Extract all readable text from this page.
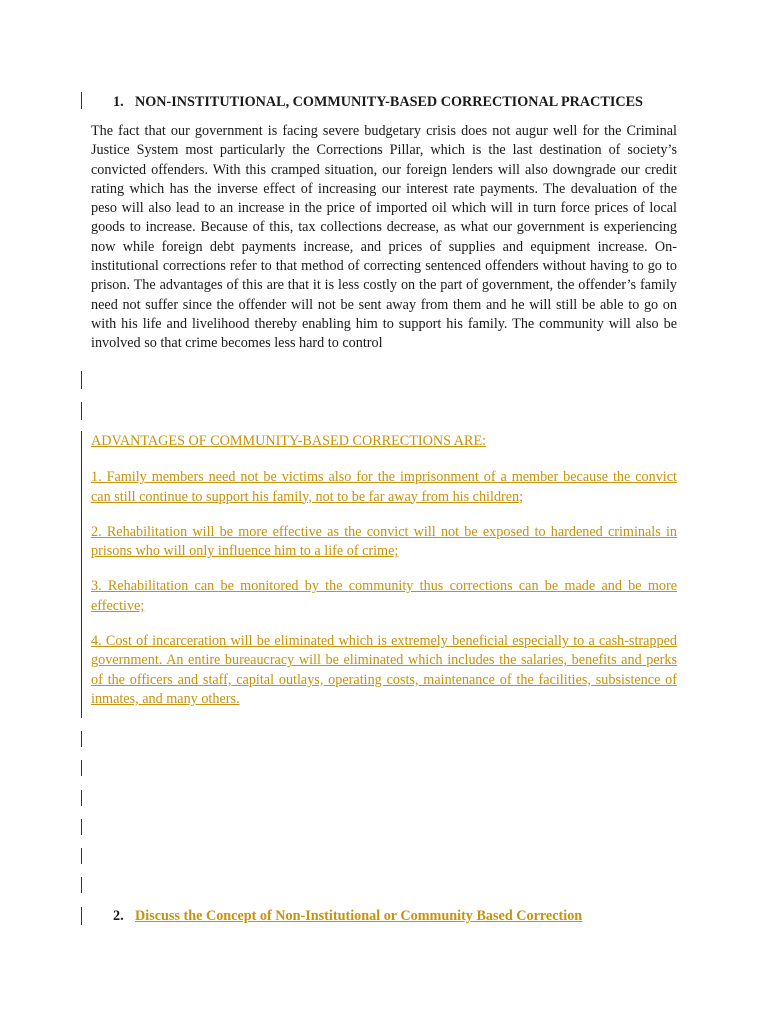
1. NON-INSTITUTIONAL, COMMUNITY-BASED CORRECTIONAL PRACTICES
The fact that our government is facing severe budgetary crisis does not augur well for the Criminal Justice System most particularly the Corrections Pillar, which is the last destination of society’s convicted offenders. With this cramped situation, our foreign lenders will also downgrade our credit rating which has the inverse effect of increasing our interest rate payments. The devaluation of the peso will also lead to an increase in the price of imported oil which will in turn force prices of local goods to increase. Because of this, tax collections decrease, as what our government is experiencing now while foreign debt payments increase, and prices of supplies and equipment increase. On-institutional corrections refer to that method of correcting sentenced offenders without having to go to prison. The advantages of this are that it is less costly on the part of government, the offender’s family need not suffer since the offender will not be sent away from them and he will still be able to go on with his life and livelihood thereby enabling him to support his family. The community will also be involved so that crime becomes less hard to control

ADVANTAGES OF COMMUNITY-BASED CORRECTIONS ARE:

1. Family members need not be victims also for the imprisonment of a member because the convict can still continue to support his family, not to be far away from his children;

2. Rehabilitation will be more effective as the convict will not be exposed to hardened criminals in prisons who will only influence him to a life of crime;

3. Rehabilitation can be monitored by the community thus corrections can be made and be more effective;

4. Cost of incarceration will be eliminated which is extremely beneficial especially to a cash-strapped government. An entire bureaucracy will be eliminated which includes the salaries, benefits and perks of the officers and staff, capital outlays, operating costs, maintenance of the facilities, subsistence of inmates, and many others.

2. Discuss the Concept of Non-Institutional or Community Based Correction
